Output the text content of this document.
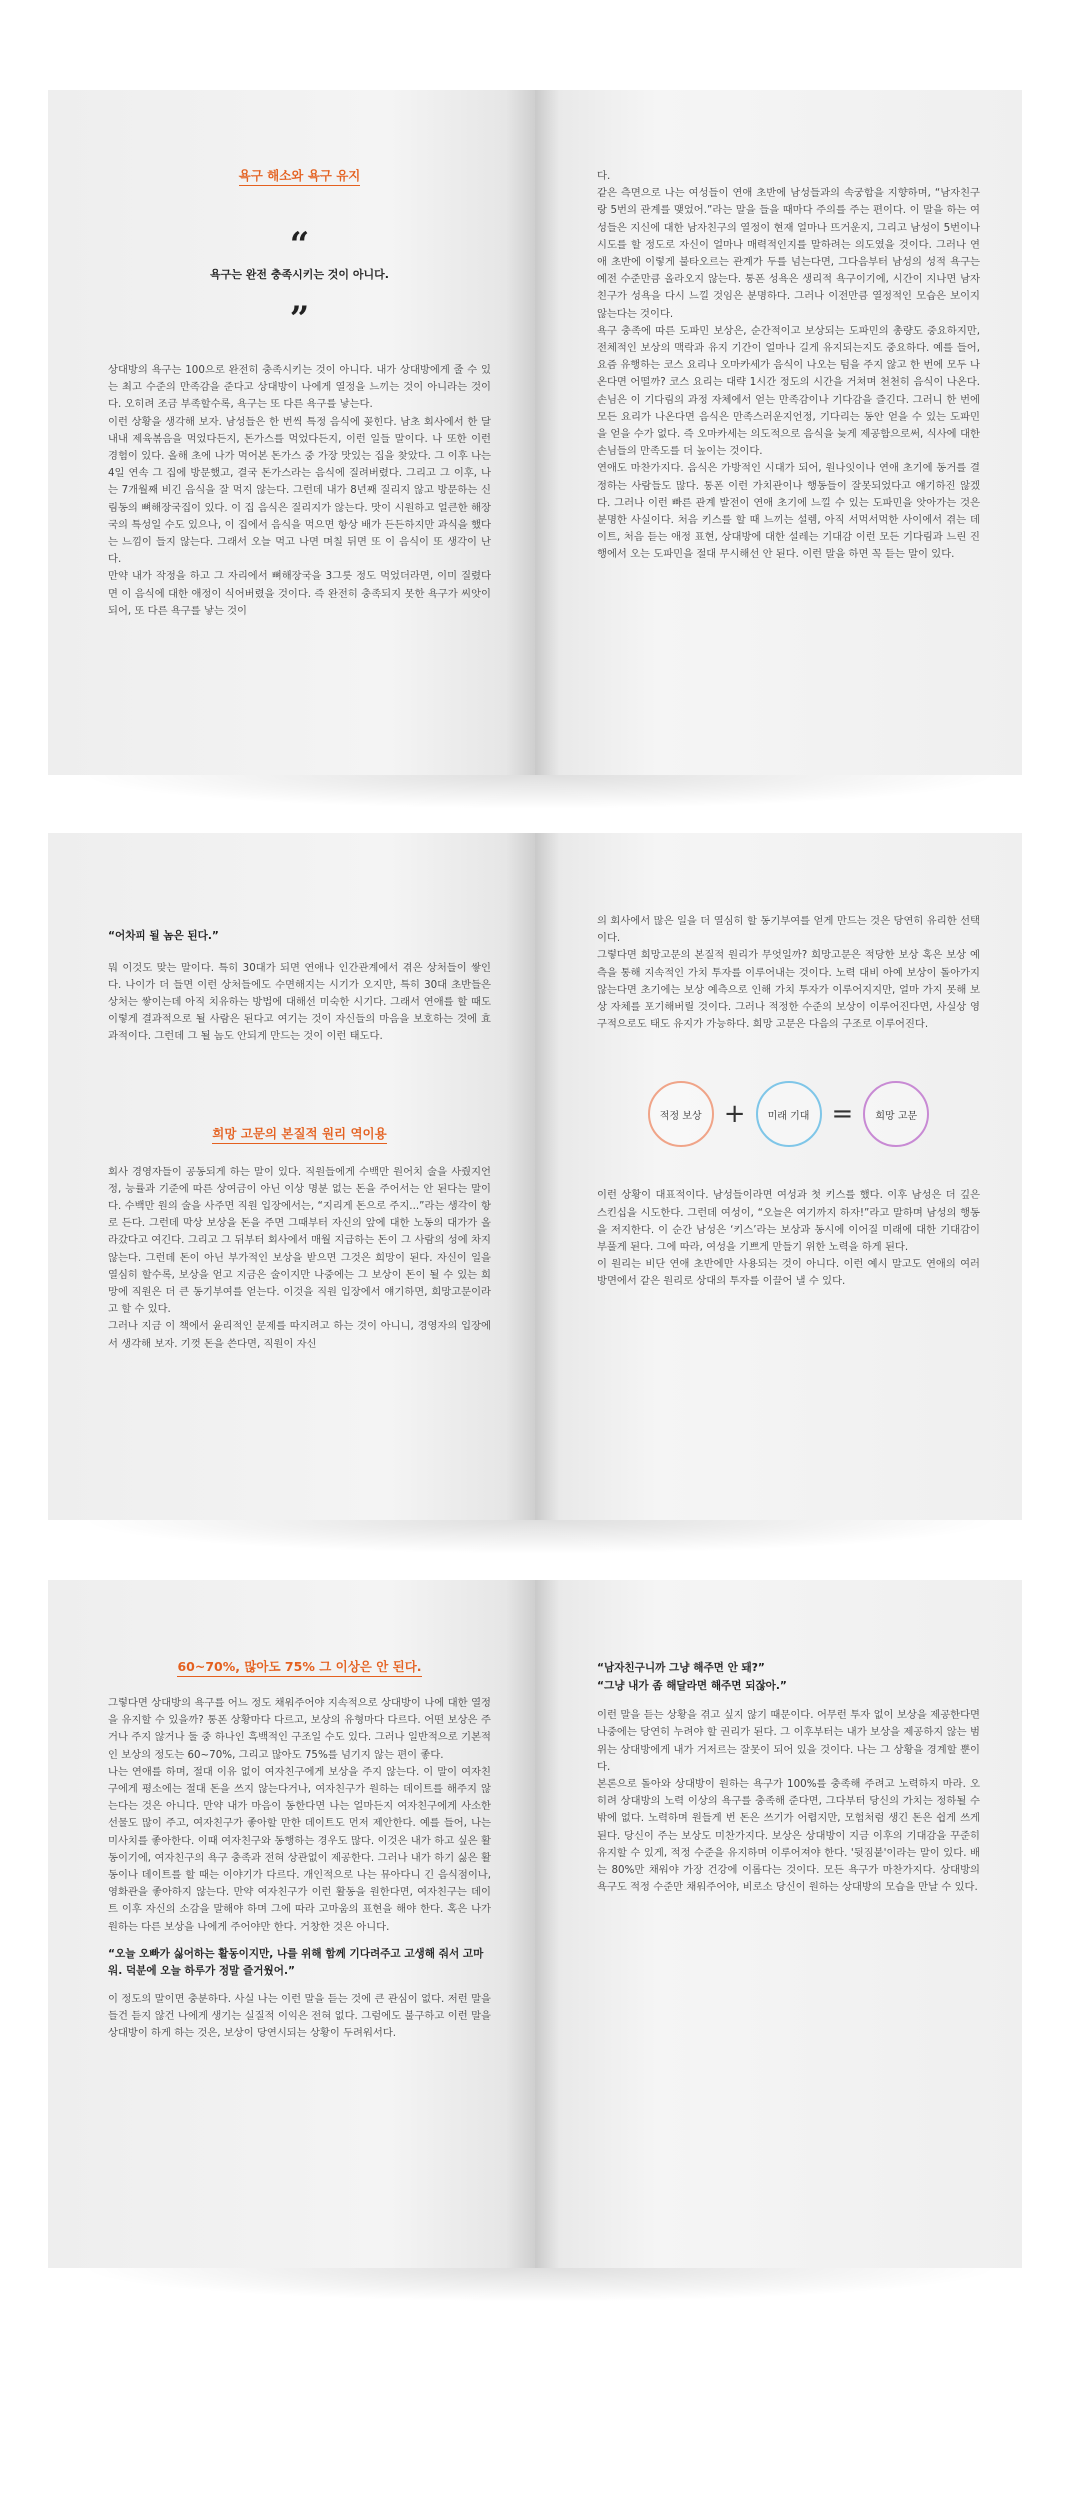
욕구 해소와 욕구 유지
“
욕구는 완전 충족시키는 것이 아니다.
”

상대방의 욕구는 100으로 완전히 충족시키는 것이 아니다. 내가 상대방에게 줄 수 있는 최고 수준의 만족감을 준다고 상대방이 나에게 열정을 느끼는 것이 아니라는 것이다. 오히려 조금 부족할수록, 욕구는 또 다른 욕구를 낳는다.

이런 상황을 생각해 보자. 남성들은 한 번씩 특정 음식에 꽂힌다. 남초 회사에서 한 달 내내 제육볶음을 먹었다든지, 돈가스를 먹었다든지, 이런 일들 말이다. 나 또한 이런 경험이 있다. 올해 초에 나가 먹어본 돈가스 중 가장 맛있는 집을 찾았다. 그 이후 나는 4일 연속 그 집에 방문했고, 결국 돈가스라는 음식에 질려버렸다. 그리고 그 이후, 나는 7개월째 비긴 음식을 잘 먹지 않는다. 그런데 내가 8년째 질리지 않고 방문하는 신림동의 뼈해장국집이 있다. 이 집 음식은 질리지가 않는다. 맛이 시원하고 얼큰한 해장국의 특성일 수도 있으나, 이 집에서 음식을 먹으면 항상 배가 든든하지만 과식을 했다는 느낌이 들지 않는다. 그래서 오늘 먹고 나면 며칠 뒤면 또 이 음식이 또 생각이 난다.

만약 내가 작정을 하고 그 자리에서 뼈해장국을 3그릇 정도 먹었더라면, 이미 질렸다면 이 음식에 대한 애정이 식어버렸을 것이다. 즉 완전히 충족되지 못한 욕구가 씨앗이 되어, 또 다른 욕구를 낳는 것이

다.

같은 측면으로 나는 여성들이 연애 초반에 남성들과의 속궁합을 지향하며, “남자친구랑 5번의 관계를 맺었어.”라는 말을 들을 때마다 주의를 주는 편이다. 이 말을 하는 여성들은 지신에 대한 남자친구의 열정이 현재 얼마나 뜨거운지, 그리고 남성이 5번이나 시도를 할 정도로 자신이 얼마나 매력적인지를 말하려는 의도였을 것이다. 그러나 연애 초반에 이렇게 불타오르는 관계가 두를 넘는다면, 그다음부터 남성의 성적 욕구는 예전 수준만큼 올라오지 않는다. 통폰 성욕은 생리적 욕구이기에, 시간이 지나면 남자친구가 성욕을 다시 느낄 것임은 분명하다. 그러나 이전만큼 열정적인 모습은 보이지 않는다는 것이다.

욕구 충족에 따른 도파민 보상은, 순간적이고 보상되는 도파민의 총량도 중요하지만, 전체적인 보상의 맥락과 유지 기간이 얼마나 길게 유지되는지도 중요하다. 예를 들어, 요즘 유행하는 코스 요리나 오마카세가 음식이 나오는 텀을 주지 않고 한 번에 모두 나온다면 어떨까? 코스 요리는 대략 1시간 정도의 시간을 거쳐며 천천히 음식이 나온다. 손님은 이 기다림의 과정 자체에서 얻는 만족감이나 기다감을 즐긴다. 그러니 한 번에 모든 요리가 나온다면 음식은 만족스러운지언정, 기다리는 동안 얻을 수 있는 도파민을 얻을 수가 없다. 즉 오마카세는 의도적으로 음식을 늦게 제공함으로써, 식사에 대한 손님들의 만족도를 더 높이는 것이다.

연애도 마찬가지다. 음식은 가방적인 시대가 되어, 원나잇이나 연애 초기에 동거를 결정하는 사람들도 많다. 통폰 이런 가치관이나 행동들이 잘못되었다고 얘기하진 않겠다. 그러나 이런 빠른 관계 발전이 연애 초기에 느낄 수 있는 도파민을 앗아가는 것은 분명한 사실이다. 처음 키스를 할 때 느끼는 설렘, 아직 서먹서먹한 사이에서 겪는 데이트, 처음 듣는 애정 표현, 상대방에 대한 설레는 기대감 이런 모든 기다림과 느린 진행에서 오는 도파민을 절대 무시해선 안 된다. 이런 말을 하면 꼭 듣는 말이 있다.

“어차피 될 놈은 된다.”

뭐 이것도 맞는 말이다. 특히 30대가 되면 연애나 인간관계에서 겪은 상처들이 쌓인다. 나이가 더 들면 이런 상처들에도 수면해지는 시기가 오지만, 특히 30대 초반들은 상처는 쌓이는데 아직 치유하는 방법에 대해선 미숙한 시기다. 그래서 연애를 할 때도 이렇게 결과적으로 될 사람은 된다고 여기는 것이 자신들의 마음을 보호하는 것에 효과적이다. 그런데 그 될 놈도 안되게 만드는 것이 이런 태도다.

희망 고문의 본질적 원리 역이용

회사 경영자들이 공동되게 하는 말이 있다. 직원들에게 수백만 원어치 술을 사줬지언정, 능률과 기준에 따른 상여금이 아닌 이상 명분 없는 돈을 주어서는 안 된다는 말이다. 수백만 원의 술을 사주면 직원 입장에서는, “지리게 돈으로 주지...”라는 생각이 항로 든다. 그런데 막상 보상을 돈을 주면 그때부터 자신의 앞에 대한 노동의 대가가 올라갔다고 여긴다. 그리고 그 뒤부터 회사에서 매월 지급하는 돈이 그 사람의 성에 차지 않는다. 그런데 돈이 아닌 부가적인 보상을 받으면 그것은 희망이 된다. 자신이 일을 열심히 할수록, 보상을 얻고 지금은 술이지만 나중에는 그 보상이 돈이 될 수 있는 희망에 직원은 더 큰 동기부여를 얻는다. 이것을 직원 입장에서 얘기하면, 희망고문이라고 할 수 있다.

그러나 지금 이 책에서 윤리적인 문제를 따지려고 하는 것이 아니니, 경영자의 입장에서 생각해 보자. 기껏 돈을 쓴다면, 직원이 자신

의 회사에서 많은 일을 더 열심히 할 동기부여를 얻게 만드는 것은 당연히 유리한 선택이다.

그렇다면 희망고문의 본질적 원리가 무엇일까? 희망고문은 적당한 보상 혹은 보상 예측을 통해 지속적인 가치 투자를 이루어내는 것이다. 노력 대비 아예 보상이 돌아가지 않는다면 초기에는 보상 예측으로 인해 가치 투자가 이루어지지만, 얼마 가지 못해 보상 자체를 포기해버릴 것이다. 그러나 적정한 수준의 보상이 이루어진다면, 사실상 영구적으로도 태도 유지가 가능하다. 희망 고문은 다음의 구조로 이루어진다.

적정 보상 +	미래 기대 =	희망 고문

이런 상황이 대표적이다. 남성들이라면 여성과 첫 키스를 했다. 이후 남성은 더 깊은 스킨십을 시도한다. 그런데 여성이, “오늘은 여기까지 하자!”라고 말하며 남성의 행동을 저지한다. 이 순간 남성은 ‘키스’라는 보상과 동시에 이어질 미래에 대한 기대감이 부풀게 된다. 그에 따라, 여성을 기쁘게 만들기 위한 노력을 하게 된다.

이 원리는 비단 연애 초반에만 사용되는 것이 아니다. 이런 예시 말고도 연애의 여러 방면에서 같은 원리로 상대의 투자를 이끌어 낼 수 있다.

60~70%, 많아도 75% 그 이상은 안 된다.

그렇다면 상대방의 욕구를 어느 정도 채워주어야 지속적으로 상대방이 나에 대한 열정을 유지할 수 있을까? 통폰 상황마다 다르고, 보상의 유형마다 다르다. 어떤 보상은 주거나 주지 않거나 둘 중 하나인 흑백적인 구조일 수도 있다. 그러나 일반적으로 기본적인 보상의 정도는 60~70%, 그리고 많아도 75%를 넘기지 않는 편이 좋다.

나는 연애를 하며, 절대 이유 없이 여자친구에게 보상을 주지 않는다. 이 말이 여자친구에게 평소에는 절대 돈을 쓰지 않는다거나, 여자친구가 원하는 데이트를 해주지 않는다는 것은 아니다. 만약 내가 마음이 동한다면 나는 얼마든지 여자친구에게 사소한 선물도 많이 주고, 여자친구가 좋아할 만한 데이트도 먼저 제안한다. 예를 들어, 나는 미사치를 좋아한다. 이때 여자친구와 동행하는 경우도 많다. 이것은 내가 하고 싶은 활동이기에, 여자친구의 욕구 충족과 전혀 상관없이 제공한다. 그러나 내가 하기 싫은 활동이나 데이트를 할 때는 이야기가 다르다. 개인적으로 나는 뮤아다니 긴 음식점이나, 영화관을 좋아하지 않는다. 만약 여자친구가 이런 활동을 원한다면, 여자친구는 데이트 이후 자신의 소감을 말해야 하며 그에 따라 고마움의 표현을 해야 한다. 혹은 나가 원하는 다른 보상을 나에게 주어야만 한다. 거창한 것은 아니다.

“오늘 오빠가 싫어하는 활동이지만, 나를 위해 함께 기다려주고 고생해 줘서 고마워. 덕분에 오늘 하루가 정말 즐거웠어.”

이 정도의 말이면 충분하다. 사실 나는 이런 말을 듣는 것에 큰 관심이 없다. 저런 말을 들건 듣지 않건 나에게 생기는 실질적 이익은 전혀 없다. 그럼에도 불구하고 이런 말을 상대방이 하게 하는 것은, 보상이 당연시되는 상황이 두려워서다.

“남자친구니까 그냥 해주면 안 돼?”
“그냥 내가 좀 해달라면 해주면 되잖아.”

이런 말을 듣는 상황을 겪고 싶지 않기 때문이다. 어무런 투자 없이 보상을 제공한다면 나중에는 당연히 누려야 할 권리가 된다. 그 이후부터는 내가 보상을 제공하지 않는 범위는 상대방에게 내가 거저르는 잘못이 되어 있을 것이다. 나는 그 상황을 경계할 뿐이다.

본론으로 돌아와 상대방이 원하는 욕구가 100%를 충족해 주려고 노력하지 마라. 오히려 상대방의 노력 이상의 욕구를 충족해 준다면, 그다부터 당신의 가치는 정하될 수밖에 없다. 노력하며 원들게 번 돈은 쓰기가 어렵지만, 모험처럼 생긴 돈은 쉽게 쓰게 된다. 당신이 주는 보상도 미찬가지다. 보상은 상대방이 지금 이후의 기대감을 꾸준히 유지할 수 있게, 적정 수준을 유지하며 이루어져야 한다. '뒷짐붙'이라는 말이 있다. 배는 80%만 채워야 가장 건강에 이롭다는 것이다. 모든 욕구가 마찬가지다. 상대방의 욕구도 적정 수준만 채워주어야, 비로소 당신이 원하는 상대방의 모습을 만날 수 있다.
